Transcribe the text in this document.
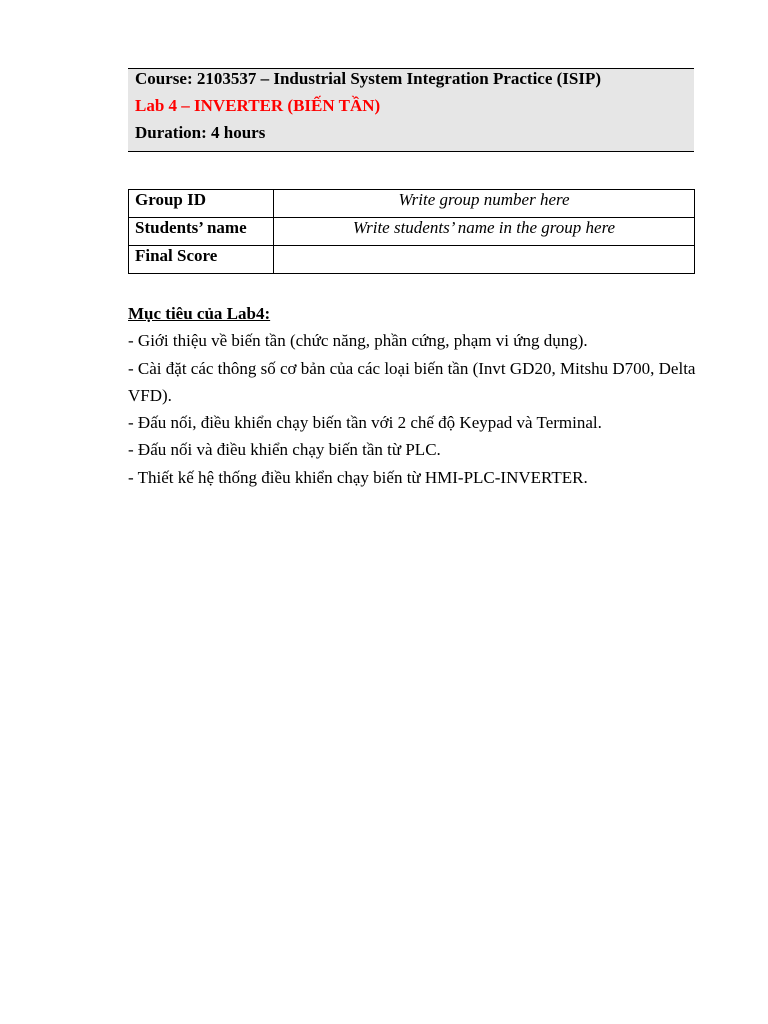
Course: 2103537 – Industrial System Integration Practice (ISIP)
Lab 4 – INVERTER (BIẾN TẦN)
Duration: 4 hours
Group ID	Write group number here
Students’ name	Write students’ name in the group here
Final Score	
Mục tiêu của Lab4:

- Giới thiệu về biến tần (chức năng, phần cứng, phạm vi ứng dụng).

- Cài đặt các thông số cơ bản của các loại biến tần (Invt GD20, Mitshu D700, Delta VFD).

- Đấu nối, điều khiển chạy biến tần với 2 chế độ Keypad và Terminal.

- Đấu nối và điều khiển chạy biến tần từ PLC.

- Thiết kế hệ thống điều khiển chạy biến từ HMI-PLC-INVERTER.
